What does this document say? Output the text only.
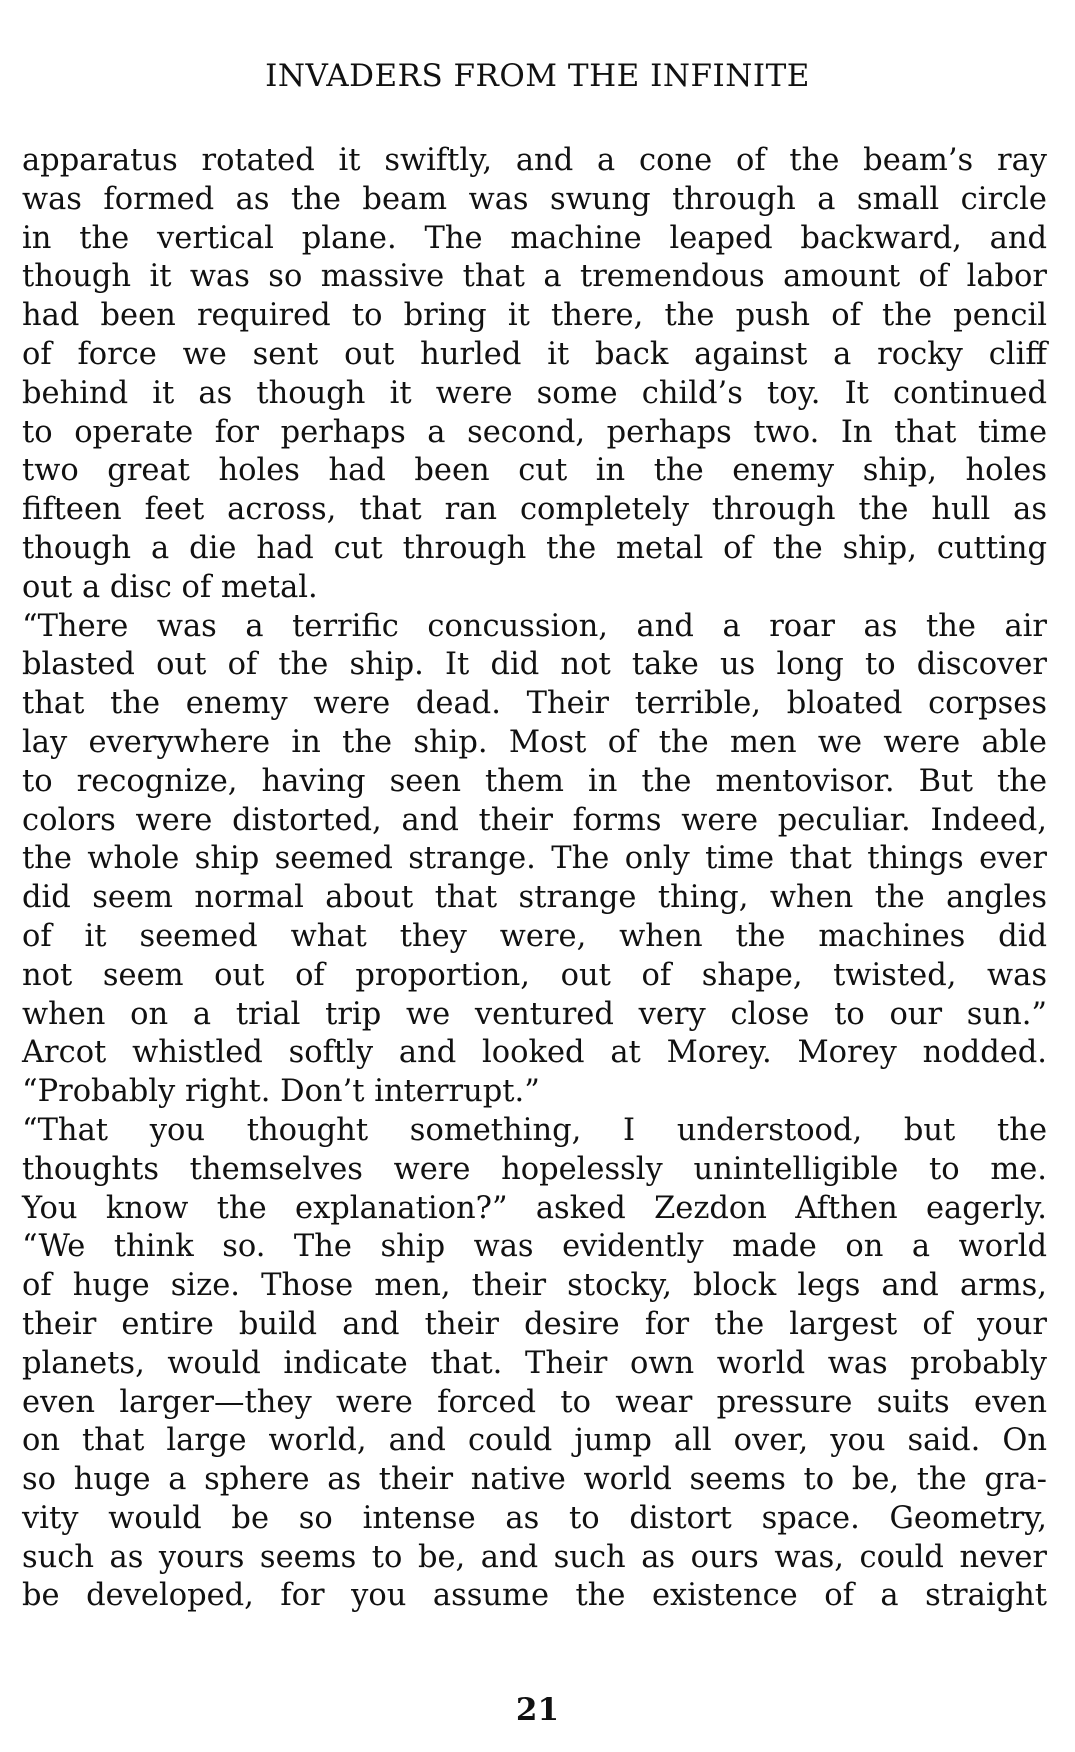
INVADERS FROM THE INFINITE
apparatus rotated it swiftly, and a cone of the beam’s ray
was formed as the beam was swung through a small circle
in the vertical plane. The machine leaped backward, and
though it was so massive that a tremendous amount of labor
had been required to bring it there, the push of the pencil
of force we sent out hurled it back against a rocky cliff
behind it as though it were some child’s toy. It continued
to operate for perhaps a second, perhaps two. In that time
two great holes had been cut in the enemy ship, holes
fifteen feet across, that ran completely through the hull as
though a die had cut through the metal of the ship, cutting
out a disc of metal.
“There was a terrific concussion, and a roar as the air
blasted out of the ship. It did not take us long to discover
that the enemy were dead. Their terrible, bloated corpses
lay everywhere in the ship. Most of the men we were able
to recognize, having seen them in the mentovisor. But the
colors were distorted, and their forms were peculiar. Indeed,
the whole ship seemed strange. The only time that things ever
did seem normal about that strange thing, when the angles
of it seemed what they were, when the machines did
not seem out of proportion, out of shape, twisted, was
when on a trial trip we ventured very close to our sun.”
Arcot whistled softly and looked at Morey. Morey nodded.
“Probably right. Don’t interrupt.”
“That you thought something, I understood, but the
thoughts themselves were hopelessly unintelligible to me.
You know the explanation?” asked Zezdon Afthen eagerly.
“We think so. The ship was evidently made on a world
of huge size. Those men, their stocky, block legs and arms,
their entire build and their desire for the largest of your
planets, would indicate that. Their own world was probably
even larger—they were forced to wear pressure suits even
on that large world, and could jump all over, you said. On
so huge a sphere as their native world seems to be, the gra-
vity would be so intense as to distort space. Geometry,
such as yours seems to be, and such as ours was, could never
be developed, for you assume the existence of a straight
21
